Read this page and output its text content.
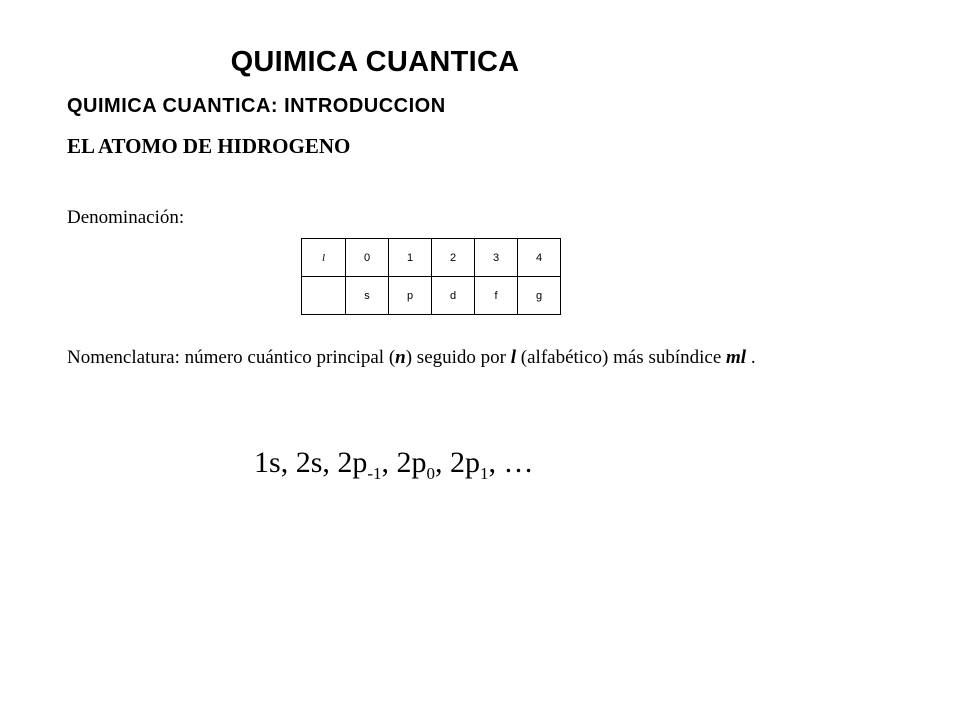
QUIMICA CUANTICA
QUIMICA CUANTICA: INTRODUCCION
EL ATOMO DE HIDROGENO

Denominación:

l	0	1	2	3	4
	s	p	d	f	g

Nomenclatura: número cuántico principal (n) seguido por l (alfabético) más subíndice ml .

1s, 2s, $2p_{-1}$, $2p_0$, $2p_1$, …
